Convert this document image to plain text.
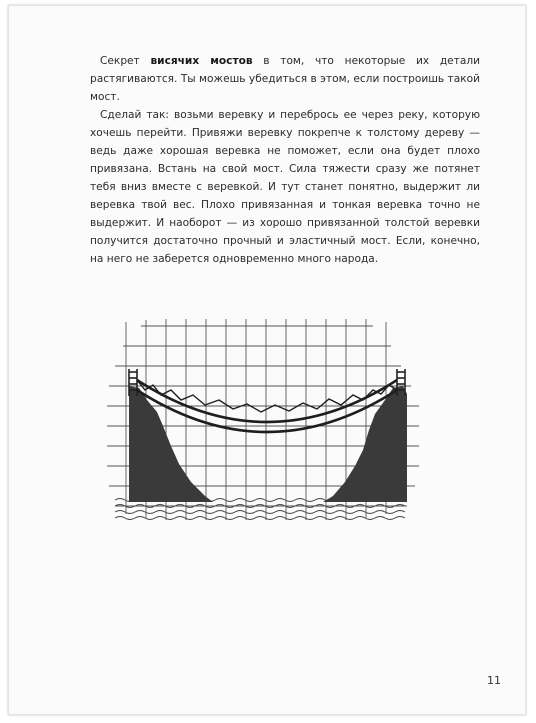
Секрет висячих мостов в том, что некоторые их детали растягиваются. Ты можешь убедиться в этом, если построишь такой мост.

Сделай так: возьми веревку и перебрось ее через реку, которую хочешь перейти. Привяжи веревку покрепче к толстому дереву — ведь даже хорошая веревка не поможет, если она будет плохо привязана. Встань на свой мост. Сила тяжести сразу же потянет тебя вниз вместе с веревкой. И тут станет понятно, выдержит ли веревка твой вес. Плохо привязанная и тонкая веревка точно не выдержит. И наоборот — из хорошо привязанной толстой веревки получится достаточно прочный и эластичный мост. Если, конечно, на него не заберется одновременно много народа.

11
